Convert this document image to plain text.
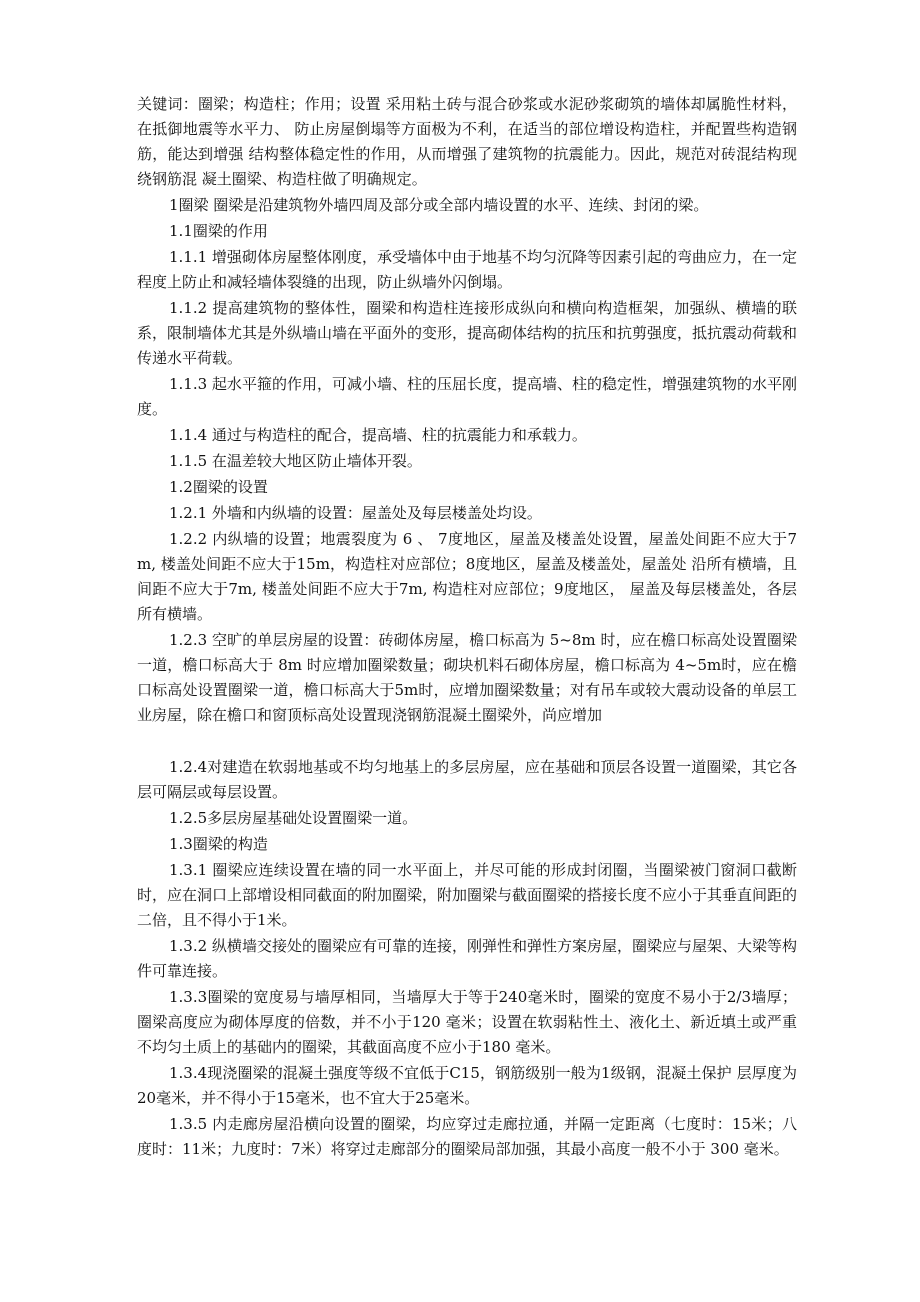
关键词：圈梁；构造柱；作用；设置 采用粘土砖与混合砂浆或水泥砂浆砌筑的墙体却属脆性材料，在抵御地震等水平力、 防止房屋倒塌等方面极为不利，在适当的部位增设构造柱，并配置些构造钢筋，能达到增强 结构整体稳定性的作用，从而增强了建筑物的抗震能力。因此，规范对砖混结构现绕钢筋混 凝土圈梁、构造柱做了明确规定。

1圈梁 圈梁是沿建筑物外墙四周及部分或全部内墙设置的水平、连续、封闭的梁。

1.1圈梁的作用

1.1.1 增强砌体房屋整体刚度，承受墙体中由于地基不均匀沉降等因素引起的弯曲应力，在一定程度上防止和减轻墙体裂缝的出现，防止纵墙外闪倒塌。

1.1.2 提高建筑物的整体性，圈梁和构造柱连接形成纵向和横向构造框架，加强纵、横墙的联系，限制墙体尤其是外纵墙山墙在平面外的变形，提高砌体结构的抗压和抗剪强度，抵抗震动荷载和传递水平荷载。

1.1.3 起水平箍的作用，可减小墙、柱的压屈长度，提高墙、柱的稳定性，增强建筑物的水平刚度。

1.1.4 通过与构造柱的配合，提高墙、柱的抗震能力和承载力。

1.1.5 在温差较大地区防止墙体开裂。

1.2圈梁的设置

1.2.1 外墙和内纵墙的设置：屋盖处及每层楼盖处均设。

1.2.2 内纵墙的设置；地震裂度为 6 、 7度地区，屋盖及楼盖处设置，屋盖处间距不应大于7m, 楼盖处间距不应大于15m，构造柱对应部位；8度地区，屋盖及楼盖处，屋盖处 沿所有横墙，且间距不应大于7m, 楼盖处间距不应大于7m, 构造柱对应部位；9度地区， 屋盖及每层楼盖处，各层所有横墙。

1.2.3 空旷的单层房屋的设置：砖砌体房屋，檐口标高为 5~8m 时，应在檐口标高处设置圈梁一道，檐口标高大于 8m 时应增加圈梁数量；砌块机料石砌体房屋，檐口标高为 4~5m时，应在檐口标高处设置圈梁一道，檐口标高大于5m时，应增加圈梁数量；对有吊车或较大震动设备的单层工业房屋，除在檐口和窗顶标高处设置现浇钢筋混凝土圈梁外，尚应增加

1.2.4对建造在软弱地基或不均匀地基上的多层房屋，应在基础和顶层各设置一道圈梁，其它各层可隔层或每层设置。

1.2.5多层房屋基础处设置圈梁一道。

1.3圈梁的构造

1.3.1 圈梁应连续设置在墙的同一水平面上，并尽可能的形成封闭圈，当圈梁被门窗洞口截断时，应在洞口上部增设相同截面的附加圈梁，附加圈梁与截面圈梁的搭接长度不应小于其垂直间距的二倍，且不得小于1米。

1.3.2 纵横墙交接处的圈梁应有可靠的连接，刚弹性和弹性方案房屋，圈梁应与屋架、大梁等构件可靠连接。

1.3.3圈梁的宽度易与墙厚相同，当墙厚大于等于240毫米时，圈梁的宽度不易小于2/3墙厚；圈梁高度应为砌体厚度的倍数，并不小于120 毫米；设置在软弱粘性土、液化土、新近填土或严重不均匀土质上的基础内的圈梁，其截面高度不应小于180 毫米。

1.3.4现浇圈梁的混凝土强度等级不宜低于C15，钢筋级别一般为1级钢，混凝土保护 层厚度为20毫米，并不得小于15毫米，也不宜大于25毫米。

1.3.5 内走廊房屋沿横向设置的圈梁，均应穿过走廊拉通，并隔一定距离（七度时：15米；八度时：11米；九度时：7米）将穿过走廊部分的圈梁局部加强，其最小高度一般不小于 300 毫米。
